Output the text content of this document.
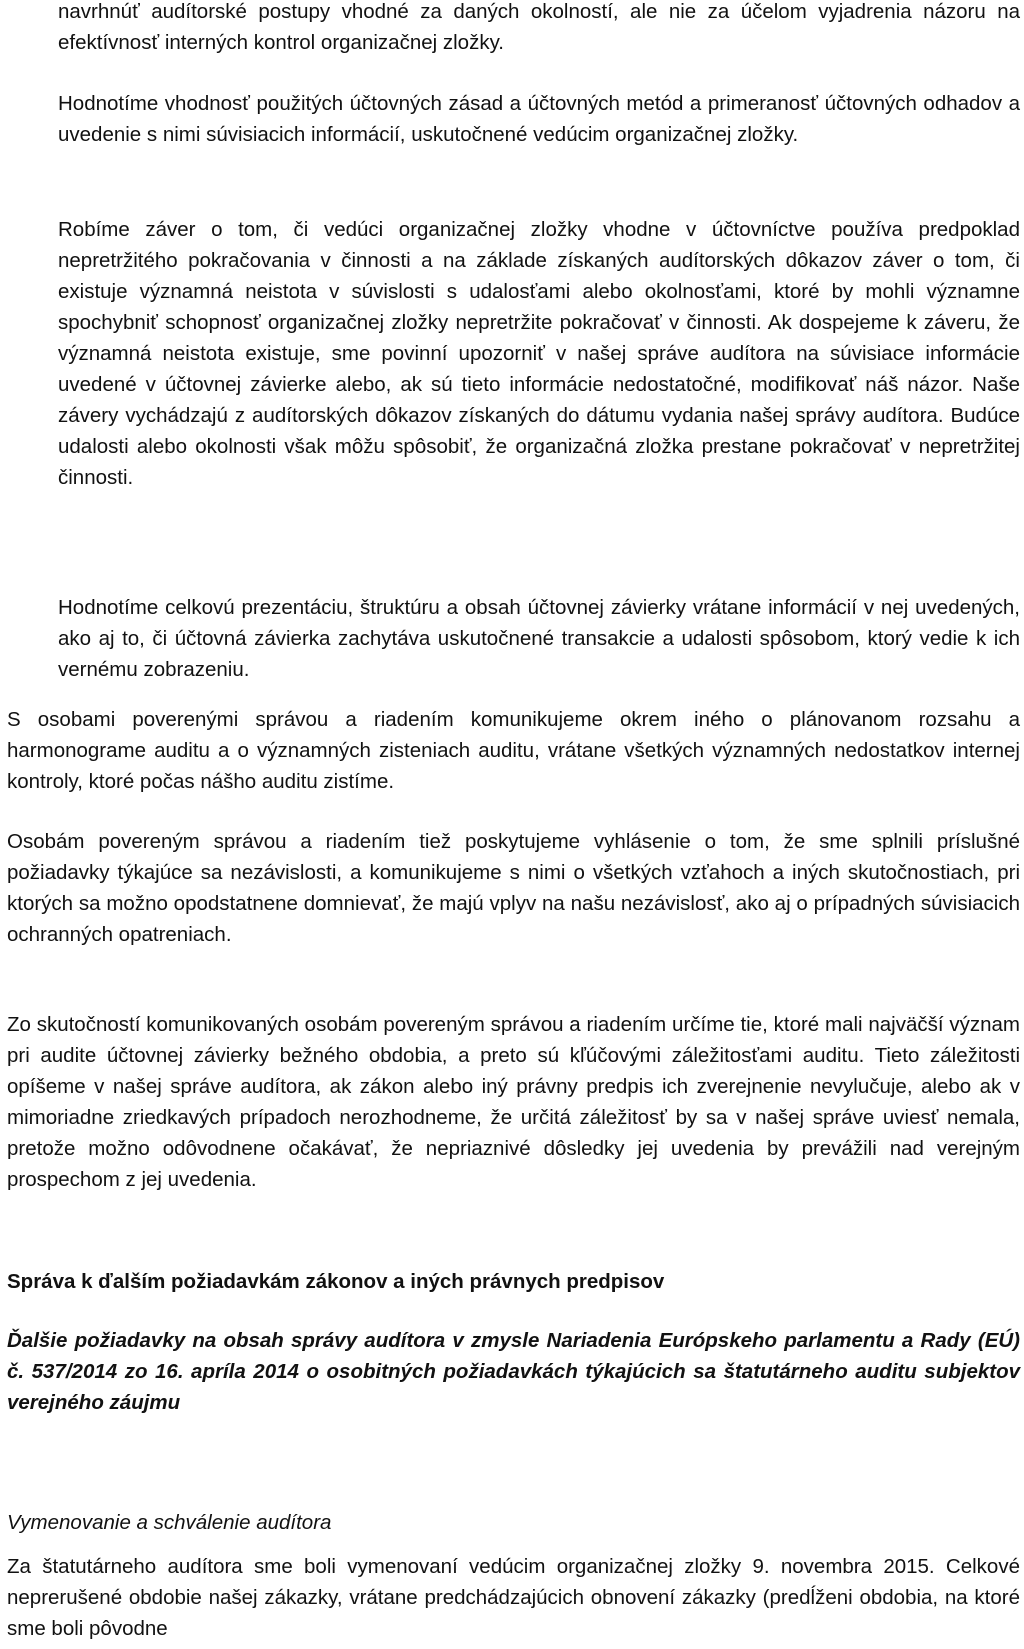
navrhnúť audítorské postupy vhodné za daných okolností, ale nie za účelom vyjadrenia názoru na efektívnosť interných kontrol organizačnej zložky.

Hodnotíme vhodnosť použitých účtovných zásad a účtovných metód a primeranosť účtovných odhadov a uvedenie s nimi súvisiacich informácií, uskutočnené vedúcim organizačnej zložky.

Robíme záver o tom, či vedúci organizačnej zložky vhodne v účtovníctve používa predpoklad nepretržitého pokračovania v činnosti a na základe získaných audítorských dôkazov záver o tom, či existuje významná neistota v súvislosti s udalosťami alebo okolnosťami, ktoré by mohli významne spochybniť schopnosť organizačnej zložky nepretržite pokračovať v činnosti. Ak dospejeme k záveru, že významná neistota existuje, sme povinní upozorniť v našej správe audítora na súvisiace informácie uvedené v účtovnej závierke alebo, ak sú tieto informácie nedostatočné, modifikovať náš názor. Naše závery vychádzajú z audítorských dôkazov získaných do dátumu vydania našej správy audítora. Budúce udalosti alebo okolnosti však môžu spôsobiť, že organizačná zložka prestane pokračovať v nepretržitej činnosti.

Hodnotíme celkovú prezentáciu, štruktúru a obsah účtovnej závierky vrátane informácií v nej uvedených, ako aj to, či účtovná závierka zachytáva uskutočnené transakcie a udalosti spôsobom, ktorý vedie k ich vernému zobrazeniu.

S osobami poverenými správou a riadením komunikujeme okrem iného o plánovanom rozsahu a harmonograme auditu a o významných zisteniach auditu, vrátane všetkých významných nedostatkov internej kontroly, ktoré počas nášho auditu zistíme.

Osobám povereným správou a riadením tiež poskytujeme vyhlásenie o tom, že sme splnili príslušné požiadavky týkajúce sa nezávislosti, a komunikujeme s nimi o všetkých vzťahoch a iných skutočnostiach, pri ktorých sa možno opodstatnene domnievať, že majú vplyv na našu nezávislosť, ako aj o prípadných súvisiacich ochranných opatreniach.

Zo skutočností komunikovaných osobám povereným správou a riadením určíme tie, ktoré mali najväčší význam pri audite účtovnej závierky bežného obdobia, a preto sú kľúčovými záležitosťami auditu. Tieto záležitosti opíšeme v našej správe audítora, ak zákon alebo iný právny predpis ich zverejnenie nevylučuje, alebo ak v mimoriadne zriedkavých prípadoch nerozhodneme, že určitá záležitosť by sa v našej správe uviesť nemala, pretože možno odôvodnene očakávať, že nepriaznivé dôsledky jej uvedenia by prevážili nad verejným prospechom z jej uvedenia.

Správa k ďalším požiadavkám zákonov a iných právnych predpisov

Ďalšie požiadavky na obsah správy audítora v zmysle Nariadenia Európskeho parlamentu a Rady (EÚ) č. 537/2014 zo 16. apríla 2014 o osobitných požiadavkách týkajúcich sa štatutárneho auditu subjektov verejného záujmu

Vymenovanie a schválenie audítora

Za štatutárneho audítora sme boli vymenovaní vedúcim organizačnej zložky 9. novembra 2015. Celkové neprerušené obdobie našej zákazky, vrátane predchádzajúcich obnovení zákazky (predĺženi obdobia, na ktoré sme boli pôvodne
